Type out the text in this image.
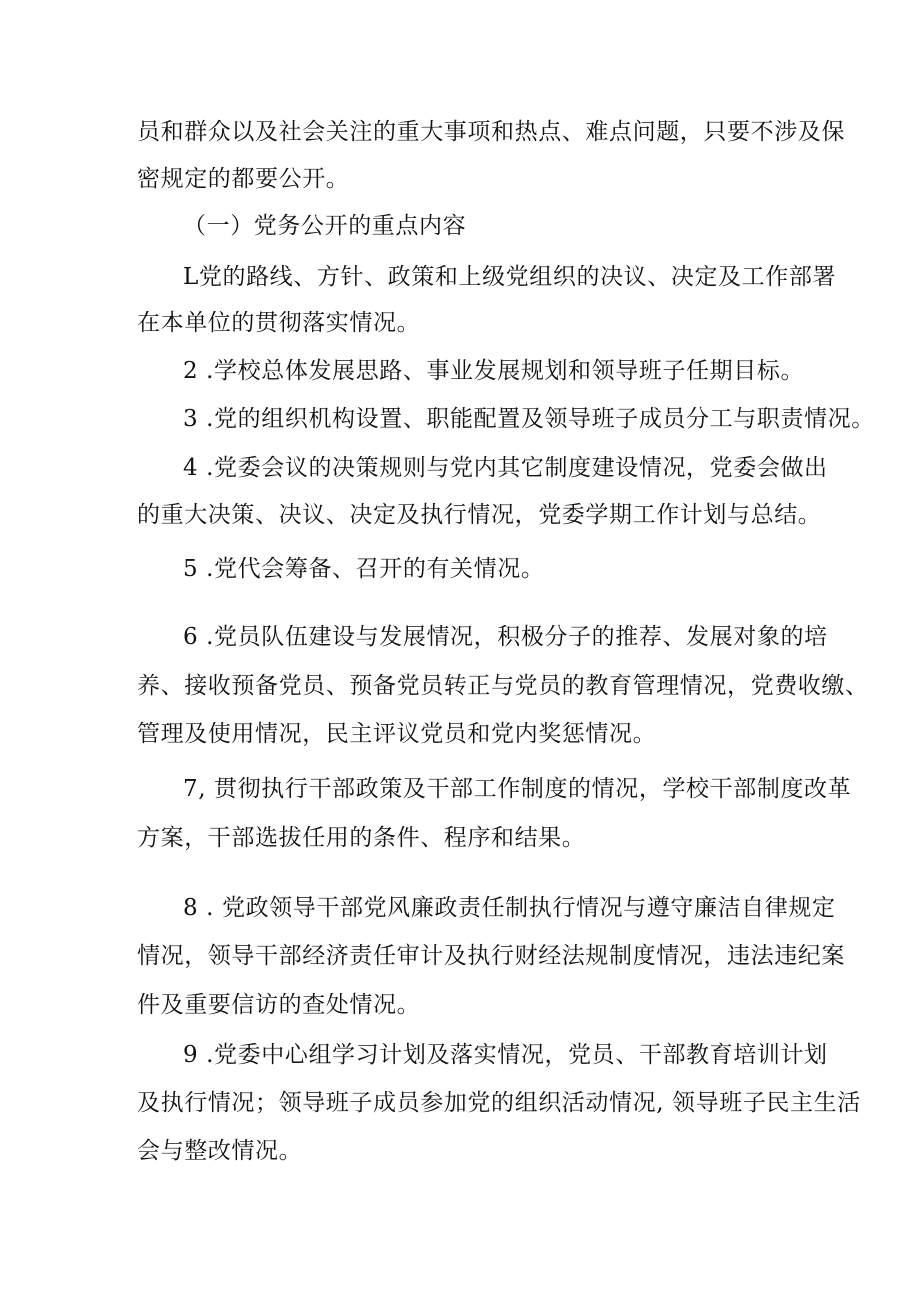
员和群众以及社会关注的重大事项和热点、难点问题，只要不涉及保
密规定的都要公开。
（一）党务公开的重点内容
L党的路线、方针、政策和上级党组织的决议、决定及工作部署
在本单位的贯彻落实情况。
2 .学校总体发展思路、事业发展规划和领导班子任期目标。
3 .党的组织机构设置、职能配置及领导班子成员分工与职责情况。
4 .党委会议的决策规则与党内其它制度建设情况，党委会做出
的重大决策、决议、决定及执行情况，党委学期工作计划与总结。
5 .党代会筹备、召开的有关情况。
6 .党员队伍建设与发展情况，积极分子的推荐、发展对象的培
养、接收预备党员、预备党员转正与党员的教育管理情况，党费收缴、
管理及使用情况，民主评议党员和党内奖惩情况。
7, 贯彻执行干部政策及干部工作制度的情况，学校干部制度改革
方案，干部选拔任用的条件、程序和结果。
8 . 党政领导干部党风廉政责任制执行情况与遵守廉洁自律规定
情况，领导干部经济责任审计及执行财经法规制度情况，违法违纪案
件及重要信访的查处情况。
9 .党委中心组学习计划及落实情况，党员、干部教育培训计划
及执行情况；领导班子成员参加党的组织活动情况, 领导班子民主生活
会与整改情况。
